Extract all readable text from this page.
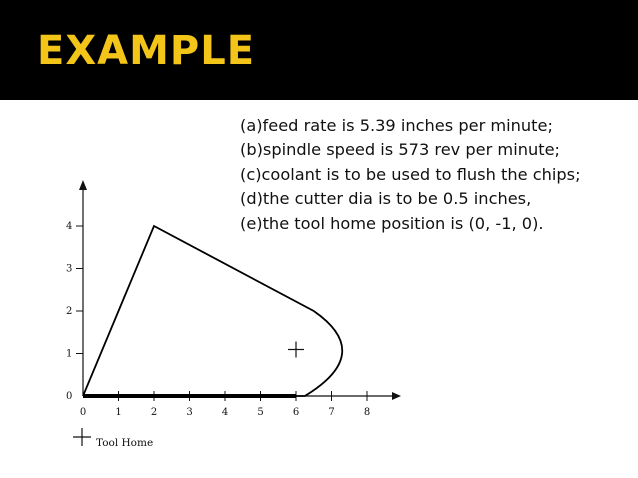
EXAMPLE
(a)feed rate is 5.39 inches per minute;
(b)spindle speed is 573 rev per minute;
(c)coolant is to be used to flush the chips;
(d)the cutter dia is to be 0.5 inches,
(e)the tool home position is (0, -1, 0).
0	1	2	3	4	5	6	7	8
0
1
2
3
4
Tool Home
